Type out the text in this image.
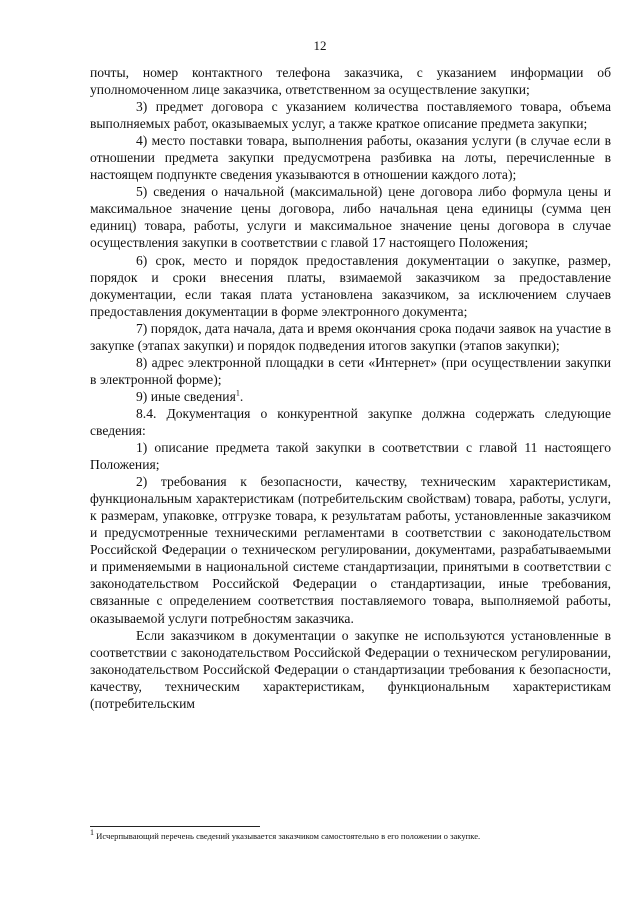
12

почты, номер контактного телефона заказчика, с указанием информации об уполномоченном лице заказчика, ответственном за осуществление закупки;

3) предмет договора с указанием количества поставляемого товара, объема выполняемых работ, оказываемых услуг, а также краткое описание предмета закупки;

4) место поставки товара, выполнения работы, оказания услуги (в случае если в отношении предмета закупки предусмотрена разбивка на лоты, перечисленные в настоящем подпункте сведения указываются в отношении каждого лота);

5) сведения о начальной (максимальной) цене договора либо формула цены и максимальное значение цены договора, либо начальная цена единицы (сумма цен единиц) товара, работы, услуги и максимальное значение цены договора в случае осуществления закупки в соответствии с главой 17 настоящего Положения;

6) срок, место и порядок предоставления документации о закупке, размер, порядок и сроки внесения платы, взимаемой заказчиком за предоставление документации, если такая плата установлена заказчиком, за исключением случаев предоставления документации в форме электронного документа;

7) порядок, дата начала, дата и время окончания срока подачи заявок на участие в закупке (этапах закупки) и порядок подведения итогов закупки (этапов закупки);

8) адрес электронной площадки в сети «Интернет» (при осуществлении закупки в электронной форме);

9) иные сведения$^1$.

8.4. Документация о конкурентной закупке должна содержать следующие сведения:

1) описание предмета такой закупки в соответствии с главой 11 настоящего Положения;

2) требования к безопасности, качеству, техническим характеристикам, функциональным характеристикам (потребительским свойствам) товара, работы, услуги, к размерам, упаковке, отгрузке товара, к результатам работы, установленные заказчиком и предусмотренные техническими регламентами в соответствии с законодательством Российской Федерации о техническом регулировании, документами, разрабатываемыми и применяемыми в национальной системе стандартизации, принятыми в соответствии с законодательством Российской Федерации о стандартизации, иные требования, связанные с определением соответствия поставляемого товара, выполняемой работы, оказываемой услуги потребностям заказчика.

Если заказчиком в документации о закупке не используются установленные в соответствии с законодательством Российской Федерации о техническом регулировании, законодательством Российской Федерации о стандартизации требования к безопасности, качеству, техническим характеристикам, функциональным характеристикам (потребительским

$^1$ Исчерпывающий перечень сведений указывается заказчиком самостоятельно в его положении о закупке.
